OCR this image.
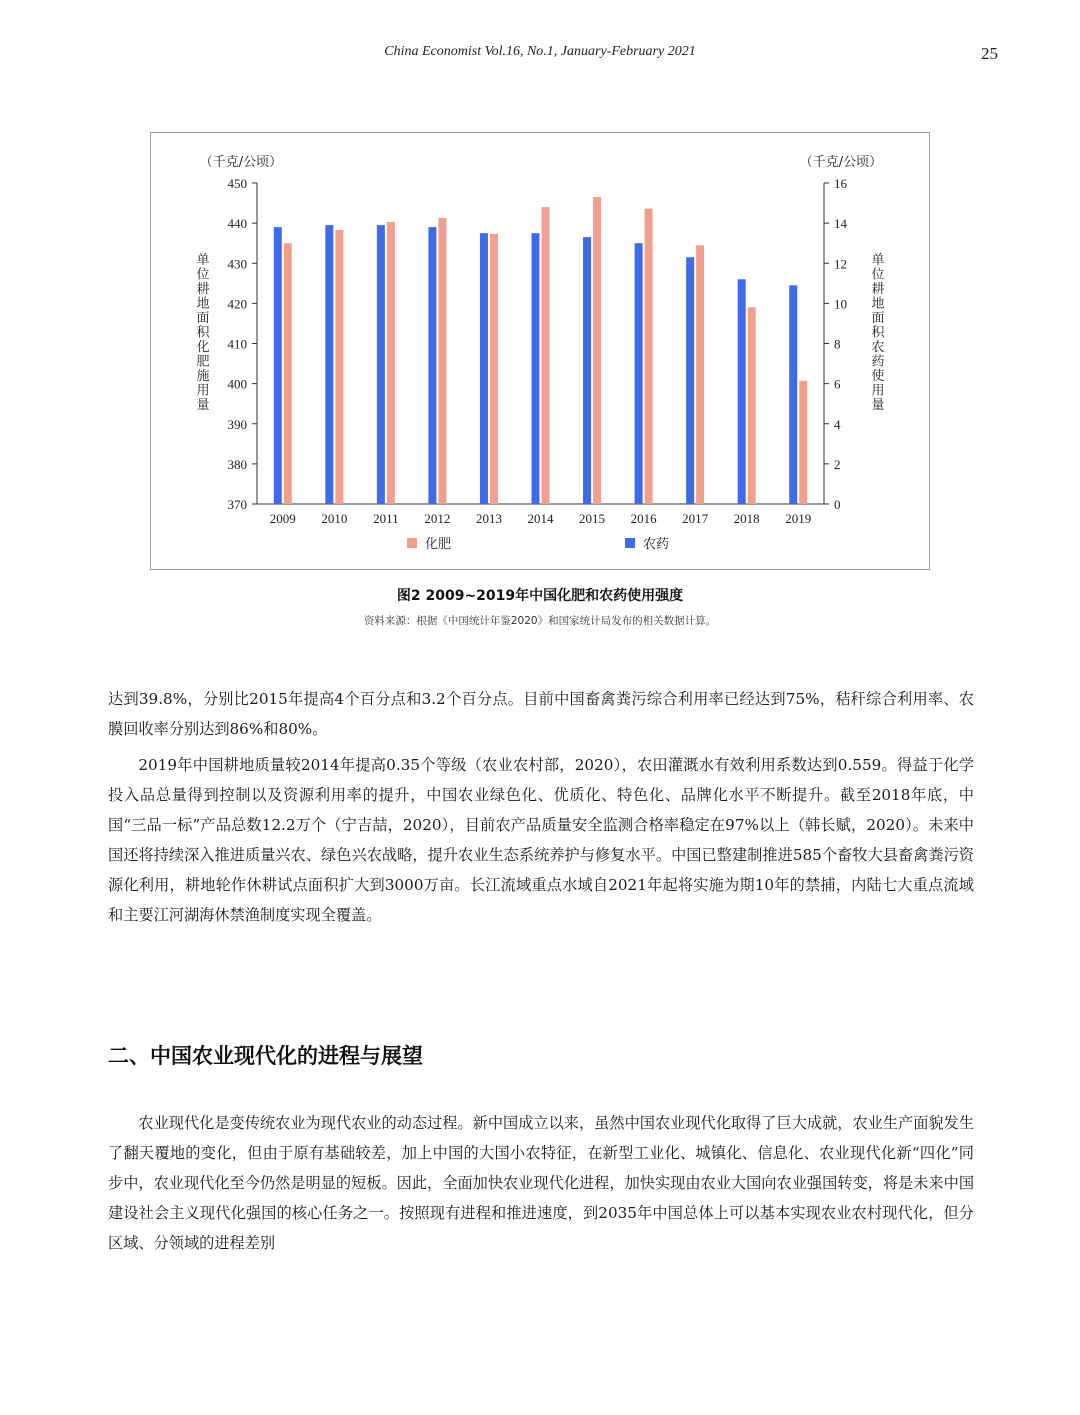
China Economist Vol.16, No.1, January-February 2021	25
370
380
390
400
410
420
430
440
450
0
2
4
6
8
10
12
14
16
（千克/公顷）	（千克/公顷）
单
位
耕
地
面
积
化
肥
施
用
量
单
位
耕
地
面
积
农
药
使
用
量
2009 2010 2011 2012 2013 2014 2015 2016 2017 2018 2019
化肥	农药
图2 2009~2019年中国化肥和农药使用强度
资料来源：根据《中国统计年鉴2020》和国家统计局发布的相关数据计算。

达到39.8%，分别比2015年提高4个百分点和3.2个百分点。目前中国畜禽粪污综合利用率已经达到75%，秸秆综合利用率、农膜回收率分别达到86%和80%。

2019年中国耕地质量较2014年提高0.35个等级（农业农村部，2020），农田灌溉水有效利用系数达到0.559。得益于化学投入品总量得到控制以及资源利用率的提升，中国农业绿色化、优质化、特色化、品牌化水平不断提升。截至2018年底，中国“三品一标”产品总数12.2万个（宁吉喆，2020），目前农产品质量安全监测合格率稳定在97%以上（韩长赋，2020）。未来中国还将持续深入推进质量兴农、绿色兴农战略，提升农业生态系统养护与修复水平。中国已整建制推进585个畜牧大县畜禽粪污资源化利用，耕地轮作休耕试点面积扩大到3000万亩。长江流域重点水域自2021年起将实施为期10年的禁捕，内陆七大重点流域和主要江河湖海休禁渔制度实现全覆盖。

二、中国农业现代化的进程与展望

农业现代化是变传统农业为现代农业的动态过程。新中国成立以来，虽然中国农业现代化取得了巨大成就，农业生产面貌发生了翻天覆地的变化，但由于原有基础较差，加上中国的大国小农特征，在新型工业化、城镇化、信息化、农业现代化新“四化”同步中，农业现代化至今仍然是明显的短板。因此，全面加快农业现代化进程，加快实现由农业大国向农业强国转变，将是未来中国建设社会主义现代化强国的核心任务之一。按照现有进程和推进速度，到2035年中国总体上可以基本实现农业农村现代化，但分区域、分领域的进程差别
